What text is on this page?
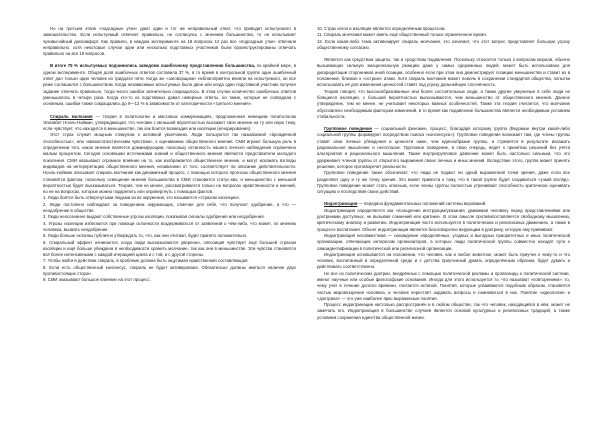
Но на третьем этапе «подсадные утки» дают один и тот же неправильный ответ, что приводит испытуемого в замешательство. Если испытуемый отвечает правильно, не согласуясь с мнением большинства, то он испытывает чрезвычайный дискомфорт. Как правило, в каждом эксперименте на 18 вопросах 12 раз все «подсадные утки» отвечали неправильно, хотя некоторые случаи одни или несколько подставных участников были проинструктированы отвечать правильно на все 18 вопросов.

В итоге 75 % испытуемых подчинились заведомо ошибочному представлению большинства, по крайней мере, в одном эксперименте. Общая доля ошибочных ответов составила 37 %, в то время в контрольной группе один ошибочный ответ дал только один человек из тридцати пяти. Когда же «заговорщики» неблагоприятно влияли на испытуемого, он все реже соглашался с большинством. Когда независимых испытуемых было двое или когда один подставной участник получал задание отвечать правильно, тогда число ошибок значительно сокращалось. В этом случае количество ошибочных ответов уменьшалось в четыре раза. Когда кто-то из подставных давал неверные ответы, но такие, которые не совпадали с основным, ошибки также сокращались до 9—12 % в зависимости от категоричности «третьего мнения».

Спираль молчания — теория в политологии и массовых коммуникациях, предложенная немецким политологом Элизабет Ноэль-Нойман, утверждающая, что человек с меньшей вероятностью выскажет свое мнение на ту или иную тему, если чувствует, что находится в меньшинстве, так как боится возмездия или изоляции (игнорирования).

Этот страх служит мощным стимулом к активной умолчанию. Люди пользуются так называемой «врождённой способностью», или «квазистатистическим чувством», к оцениванию общественного мнения. СМИ играют большую роль в определении того, какое мнение является доминирующим, поскольку истинность нашего личного наблюдения ограничено малым процентом. Сегодня основными источниками знаний и общественного мнения являются представители молодого поколения. СМИ оказывают огромное влияние на то, как изображается общественное мнение, и могут искажать взгляды индивидов на интерпретацию общественного мнения, независимо от того, соответствует ли описание действительности. Ноэль-Нойман описывает спираль молчания как динамичный процесс, с помощью которого прогнозы общественного мнения становятся фактом, поскольку освещение мнения большинства в СМИ становится статус-кво, и меньшинство с меньшей вероятностью будет высказываться. Теория, тем не менее, рассматривается только на вопросах нравственности и мнений, но не на вопросах, которые можно подкрепить или опровергнуть с помощью фактов.

1. Люди боятся быть отвергнутыми людьми из их окружения, это называется «страхом изоляции».

2. Люди постоянно наблюдают за поведением окружающих, отмечая для себя, что получает одобрение, а что — неодобрение в обществе.

3. Люди неосознанно выдают собственные угрозы изоляции, показывая сигналы одобрения или неодобрения.

4. Угрозы изоляции избегаются при помощи склонности воздерживаться от заявлений о чём-либо, что может, по мнению человека, вызвать неодобрение.

5. Люди больше склонны публично утверждать то, что, как они считают, будет принято положительно.

6. Спиральный эффект начинается, когда люди высказываются уверенно, оппозиция чувствует ещё большей страхом изоляции и ещё больше убеждена в необходимости хранить молчание, так как они в меньшинстве. Эти чувства становятся всё более интенсивными с каждой итерацией цикла и с той, и с другой стороны.

7. Чтобы найти в действии спираль, в проблеме должна быть ощутимая нравственная составляющая.

8. Если есть общественный консенсус, спираль не будет активирована. Обязательно должны иметься наличие двух противостоящих сторон.

9. СМИ оказывают большое влияние на этот процесс.

10. Страх изгоя и изоляции является определённым процессом.

11. Спираль молчания может иметь ещё общественный только ограниченное время.

12. Если какая-либо тема активизирует спираль молчания, это означает, что этот вопрос представляет большую угрозу общественному согласию.

Является как средством защиты, так и средством подавления. Поскольку относится только к вопросам морали, обычно вызывающих сильную эмоциональную реакцию даже у самых сдержанных людей, может быть использовано для дискредитации сторонников иной позиции, особенно если при этом она демонстрирует позицию меньшинства и ставит их в положение, близкое к «острию» атаки. Хотя спираль молчания может помочь в сохранении стандартов общества, попытки использовать её для изменения ценностей ставят под угрозу дальнейшую сплочённость.

Теория говорит, что высокообразованные или более состоятельные люди, а также другие уверенные в себе люди не боящиеся изоляции, с большей вероятностью высказываются, чем меньшинство от общественного мнения. Данное утверждение, тем не менее, не учитывает некоторых важных особенностей. Также эта теория считается, что молчание обусловлено необходимым фактором изменений, в то время как подавление большинства является необходимым условием стабильности.

Групповое поведение — социальный феномен, процесс, благодаря которому группа (Ведомые внутри какой-либо социальной группы формируют посредством поиска «консенсуса»). Групповое поведение возникает там, где члены группы ставят свои личные убеждения и ценности ниже, чем единообразие группы, и стремятся в результате искажать рациональное мышление и несогласие. Групповое поведение, в свою очередь, ведёт к принятию решений без учёта альтернатив и рационального мышления. Также внутригрупповое давление может быть настолько сильным, что это удерживает членов группы от открытого выражения своих личных и иных мнений. Вследствие этого, группа может принять решение, которое противоречит реальности.

Групповое поведение также обозначает, что люди не подают ни одной выраженной точки зрения, даже если все разделяют одну и ту же точку зрения. Это может привести к тому, что в такой группе будет создаваться «узкий взгляд». Групповое поведение может стать опасным, если члены группы полностью утрачивают способность критически оценивать ситуацию и последствия своих действий.

Индоктринация — передача фундаментальных положений системы верований.

Индоктринация определяется как «поощрение инструкции/указания, движимая человеку перед представлениями или доктринами доступных, не вызывая сомнений или критики». В этом смысле противопоставляется свободному мышлению, критическому анализу и развитию. Индоктринация часто используется в политических и религиозных движениях, а также в процессе воспитания. Объект индоктринации является безоговорочно верующим в доктрину, которую ему прививают.

Индоктринация несовместима — нахождение определённых, угодных и выгодных приоритетных и иных политической организации, отвечающих интересам организаторов, в которых люди политической группы совместно находят пути к самоидентификации в политической или религиозной организации.

Индоктринация основывается на положении, что человек, как и любое животное, может быть приучен к чему-то и что человек, воспитанный в определённой среде и с детства приученный думать определённым образом, будет думать и действовать соответственно.

Не все из политических доктрин, внедрённых с помощью политической рекламы и пропаганды к политической системе, имеют научные или особые философские основания. Иногда для этого используется то, что называют «повторением»: то, чему учат в течение долгого времени, считается истиной. Понятия, которые усваиваются подобным образом, становятся частью мировоззрения человека, и человек перестаёт задавать вопросы и сомневаться в них. Понятие «идеология» и «доктрина» — это уже наиболее ярко выраженные понятия.

Процесс индоктринации настолько распространён и в любом обществе, так что человек, находящийся в нём, может не замечать его. Индоктринация в большинстве случаев является основой культурных и религиозных традиций, а также условием сохранения единства общественной жизни.
